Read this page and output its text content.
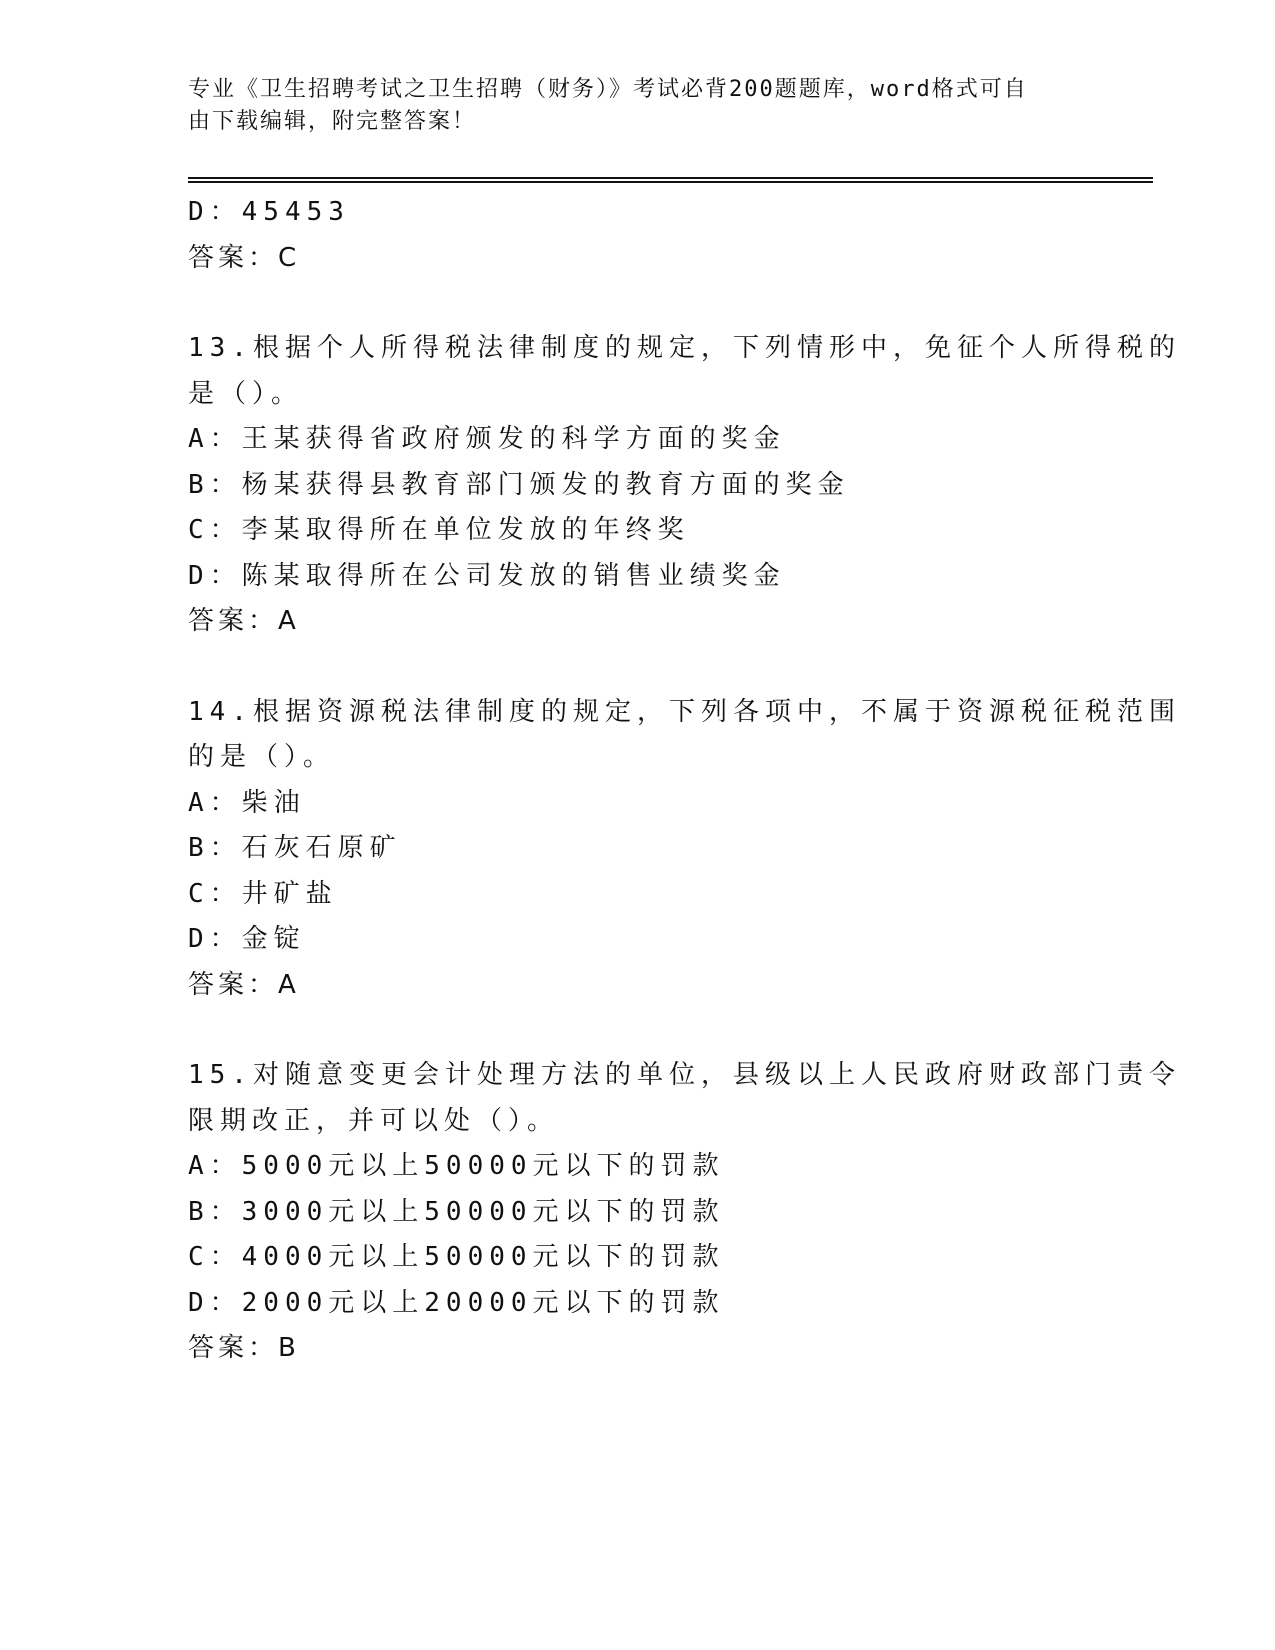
专业《卫生招聘考试之卫生招聘（财务）》考试必背200题题库，word格式可自
由下载编辑，附完整答案！
D：45453
答案：C
13.根据个人所得税法律制度的规定，下列情形中，免征个人所得税的
是（）。
A：王某获得省政府颁发的科学方面的奖金
B：杨某获得县教育部门颁发的教育方面的奖金
C：李某取得所在单位发放的年终奖
D：陈某取得所在公司发放的销售业绩奖金
答案：A
14.根据资源税法律制度的规定，下列各项中，不属于资源税征税范围
的是（）。
A：柴油
B：石灰石原矿
C：井矿盐
D：金锭
答案：A
15.对随意变更会计处理方法的单位，县级以上人民政府财政部门责令
限期改正，并可以处（）。
A：5000元以上50000元以下的罚款
B：3000元以上50000元以下的罚款
C：4000元以上50000元以下的罚款
D：2000元以上20000元以下的罚款
答案：B
